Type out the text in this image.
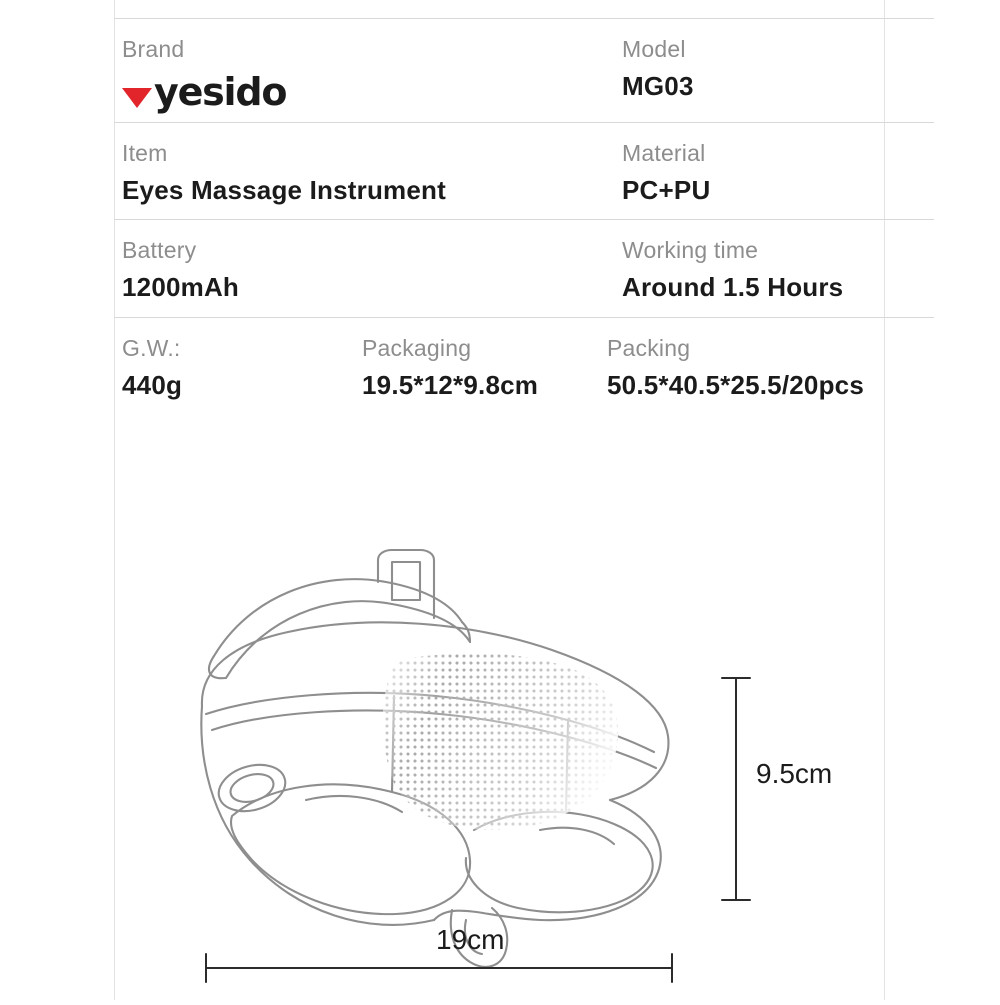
Brand
yesido
Model
MG03
Item
Eyes Massage Instrument
Material
PC+PU
Battery
1200mAh
Working time
Around 1.5 Hours
G.W.:
440g
Packaging
19.5*12*9.8cm
Packing
50.5*40.5*25.5/20pcs
9.5cm
19cm
